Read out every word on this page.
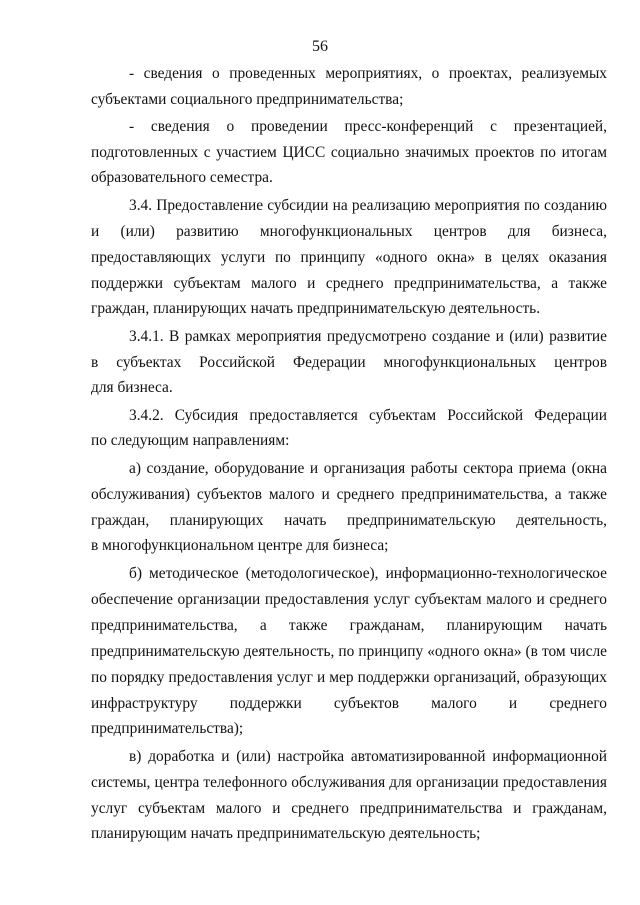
56
- сведения о проведенных мероприятиях, о проектах, реализуемых
субъектами социального предпринимательства;
- сведения о проведении пресс-конференций с презентацией,
подготовленных с участием ЦИСС социально значимых проектов по итогам
образовательного семестра.
3.4. Предоставление субсидии на реализацию мероприятия по созданию
и (или) развитию многофункциональных центров для бизнеса,
предоставляющих услуги по принципу «одного окна» в целях оказания
поддержки субъектам малого и среднего предпринимательства, а также
граждан, планирующих начать предпринимательскую деятельность.
3.4.1. В рамках мероприятия предусмотрено создание и (или) развитие
в субъектах Российской Федерации многофункциональных центров
для бизнеса.
3.4.2. Субсидия предоставляется субъектам Российской Федерации
по следующим направлениям:
а) создание, оборудование и организация работы сектора приема (окна
обслуживания) субъектов малого и среднего предпринимательства, а также
граждан, планирующих начать предпринимательскую деятельность,
в многофункциональном центре для бизнеса;
б) методическое (методологическое), информационно-технологическое
обеспечение организации предоставления услуг субъектам малого и среднего
предпринимательства, а также гражданам, планирующим начать
предпринимательскую деятельность, по принципу «одного окна» (в том числе
по порядку предоставления услуг и мер поддержки организаций, образующих
инфраструктуру поддержки субъектов малого и среднего
предпринимательства);
в) доработка и (или) настройка автоматизированной информационной
системы, центра телефонного обслуживания для организации предоставления
услуг субъектам малого и среднего предпринимательства и гражданам,
планирующим начать предпринимательскую деятельность;
